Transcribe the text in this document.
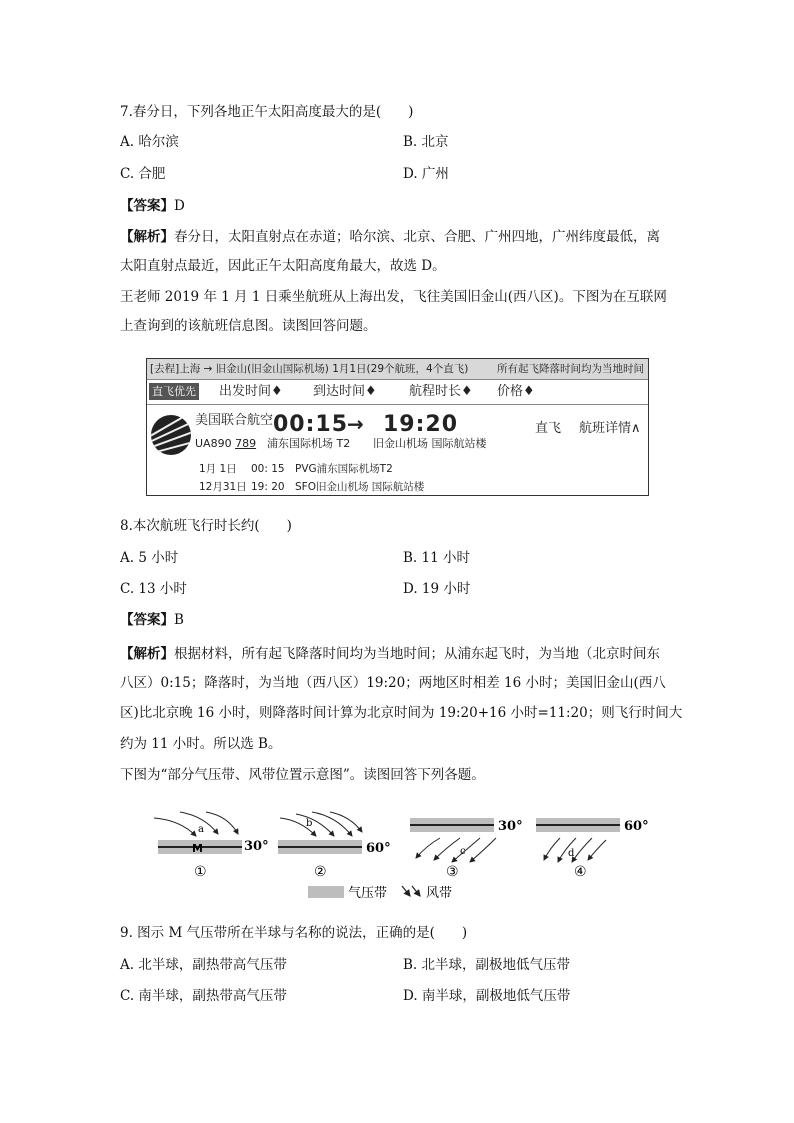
7.春分日，下列各地正午太阳高度最大的是(　　)
A. 哈尔滨	B. 北京
C. 合肥	D. 广州
【答案】D
【解析】春分日，太阳直射点在赤道；哈尔滨、北京、合肥、广州四地，广州纬度最低，离
太阳直射点最近，因此正午太阳高度角最大，故选 D。
王老师 2019 年 1 月 1 日乘坐航班从上海出发，飞往美国旧金山(西八区)。下图为在互联网
上查询到的该航班信息图。读图回答问题。
[去程]上海 → 旧金山(旧金山国际机场) 1月1日(29个航班，4个直飞)	所有起飞降落时间均为当地时间
直飞优先 出发时间♦ 到达时间♦ 航程时长♦ 价格♦
美国联合航空
UA890 789
00:15
→ 19:20
浦东国际机场 T2 旧金山机场 国际航站楼
直飞 航班详情∧
1月 1日 00: 15 PVG浦东国际机场T2
12月31日 19: 20 SFO旧金山机场 国际航站楼
8.本次航班飞行时长约(　　)
A. 5 小时	B. 11 小时
C. 13 小时	D. 19 小时
【答案】B
【解析】根据材料，所有起飞降落时间均为当地时间；从浦东起飞时，为当地（北京时间东
八区）0:15；降落时，为当地（西八区）19:20；两地区时相差 16 小时；美国旧金山(西八
区)比北京晚 16 小时，则降落时间计算为北京时间为 19:20+16 小时=11:20；则飞行时间大
约为 11 小时。所以选 B。
下图为“部分气压带、风带位置示意图”。读图回答下列各题。
a
M	30°
①
b
60°
②
30°
c
③
60°
d
④
气压带	风带
9. 图示 M 气压带所在半球与名称的说法，正确的是(　　)
A. 北半球，副热带高气压带	B. 北半球，副极地低气压带
C. 南半球，副热带高气压带	D. 南半球，副极地低气压带
